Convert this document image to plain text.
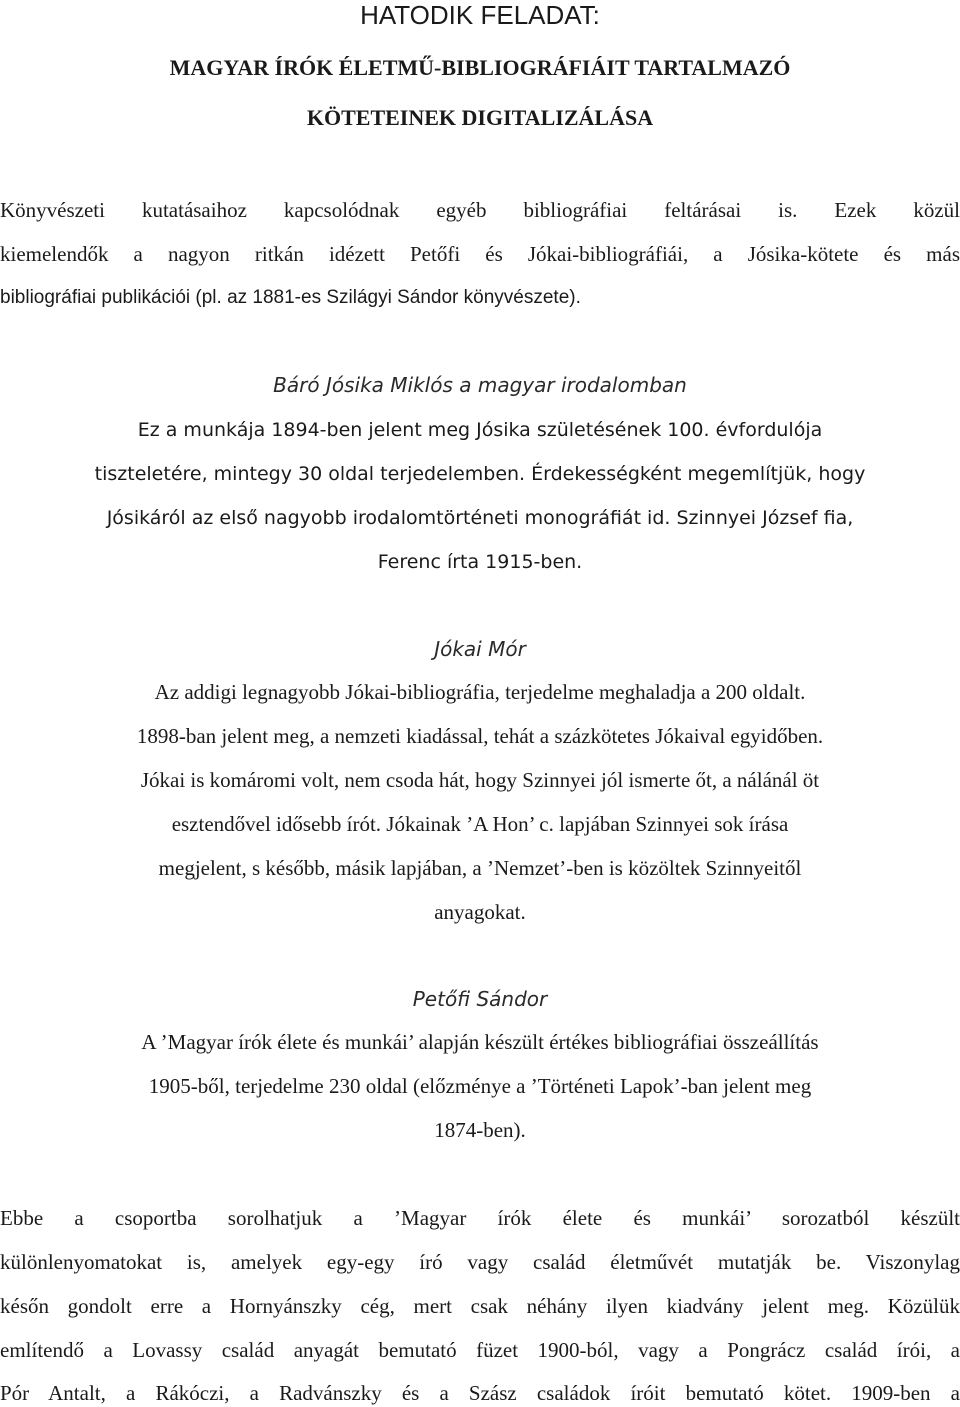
HATODIK FELADAT:
MAGYAR ÍRÓK ÉLETMŰ-BIBLIOGRÁFIÁIT TARTALMAZÓ
KÖTETEINEK DIGITALIZÁLÁSA
Könyvészeti kutatásaihoz kapcsolódnak egyéb bibliográfiai feltárásai is. Ezek közül
kiemelendők a nagyon ritkán idézett Petőfi és Jókai-bibliográfiái, a Jósika-kötete és más
bibliográfiai publikációi (pl. az 1881-es Szilágyi Sándor könyvészete).
Báró Jósika Miklós a magyar irodalomban
Ez a munkája 1894-ben jelent meg Jósika születésének 100. évfordulója
tiszteletére, mintegy 30 oldal terjedelemben. Érdekességként megemlítjük, hogy
Jósikáról az első nagyobb irodalomtörténeti monográfiát id. Szinnyei József fia,
Ferenc írta 1915-ben.
Jókai Mór
Az addigi legnagyobb Jókai-bibliográfia, terjedelme meghaladja a 200 oldalt.
1898-ban jelent meg, a nemzeti kiadással, tehát a százkötetes Jókaival egyidőben.
Jókai is komáromi volt, nem csoda hát, hogy Szinnyei jól ismerte őt, a nálánál öt
esztendővel idősebb írót. Jókainak ’A Hon’ c. lapjában Szinnyei sok írása
megjelent, s később, másik lapjában, a ’Nemzet’-ben is közöltek Szinnyeitől
anyagokat.
Petőfi Sándor
A ’Magyar írók élete és munkái’ alapján készült értékes bibliográfiai összeállítás
1905-ből, terjedelme 230 oldal (előzménye a ’Történeti Lapok’-ban jelent meg
1874-ben).
Ebbe a csoportba sorolhatjuk a ’Magyar írók élete és munkái’ sorozatból készült
különlenyomatokat is, amelyek egy-egy író vagy család életművét mutatják be. Viszonylag
későn gondolt erre a Hornyánszky cég, mert csak néhány ilyen kiadvány jelent meg. Közülük
említendő a Lovassy család anyagát bemutató füzet 1900-ból, vagy a Pongrácz család írói, a
Pór Antalt, a Rákóczi, a Radvánszky és a Szász családok íróit bemutató kötet. 1909-ben a
